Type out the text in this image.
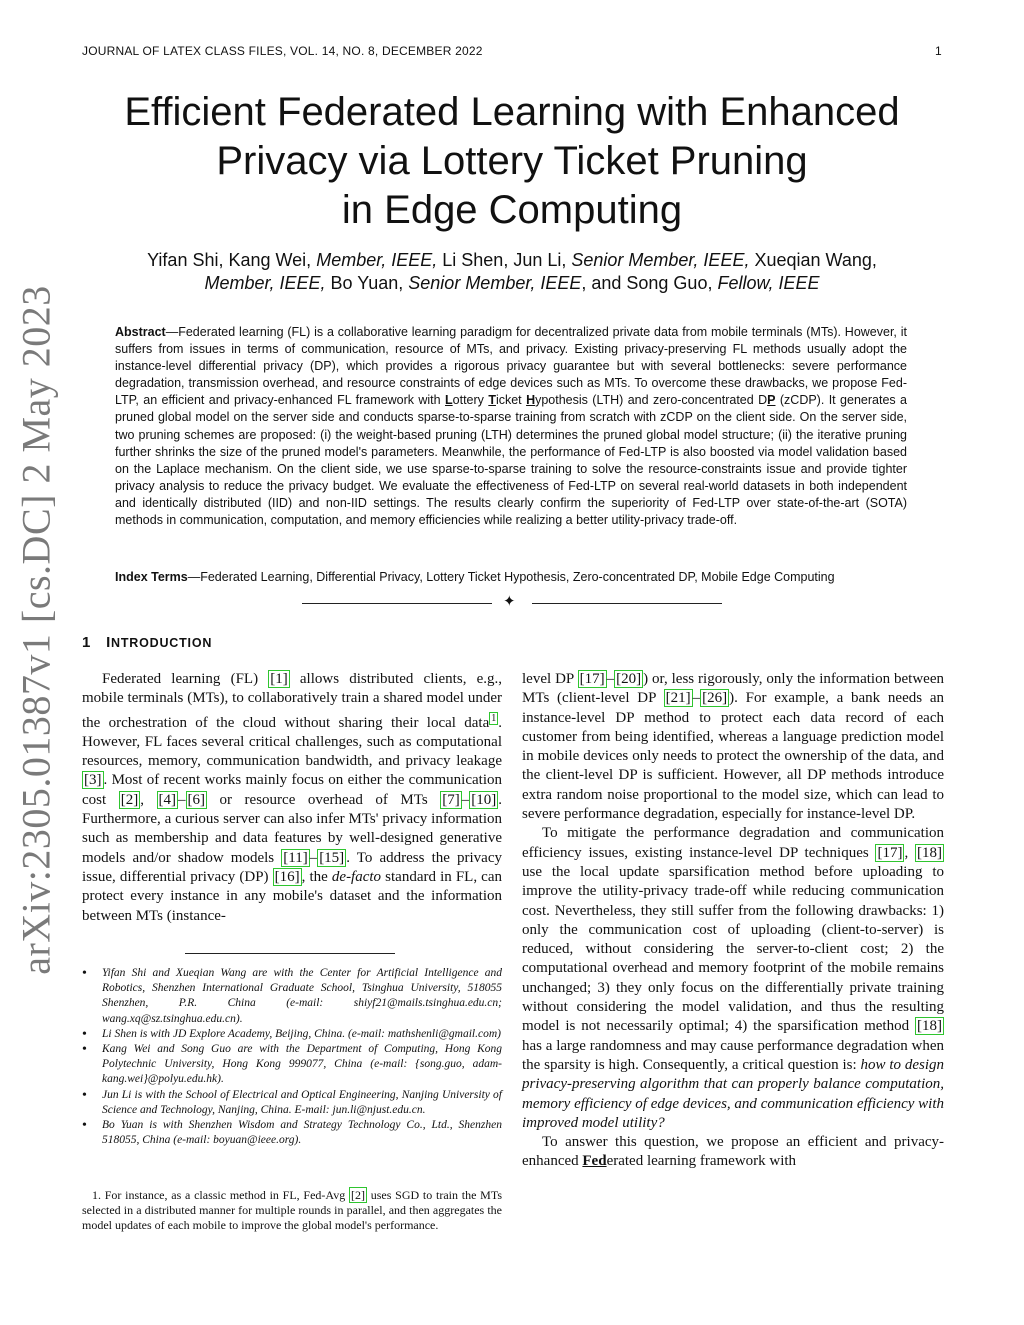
JOURNAL OF LATEX CLASS FILES, VOL. 14, NO. 8, DECEMBER 2022	1
arXiv:2305.01387v1 [cs.DC] 2 May 2023
Efficient Federated Learning with Enhanced
Privacy via Lottery Ticket Pruning
in Edge Computing
Yifan Shi, Kang Wei, Member, IEEE, Li Shen, Jun Li, Senior Member, IEEE, Xueqian Wang,
Member, IEEE, Bo Yuan, Senior Member, IEEE, and Song Guo, Fellow, IEEE
Abstract—Federated learning (FL) is a collaborative learning paradigm for decentralized private data from mobile terminals (MTs). However, it suffers from issues in terms of communication, resource of MTs, and privacy. Existing privacy-preserving FL methods usually adopt the instance-level differential privacy (DP), which provides a rigorous privacy guarantee but with several bottlenecks: severe performance degradation, transmission overhead, and resource constraints of edge devices such as MTs. To overcome these drawbacks, we propose Fed-LTP, an efficient and privacy-enhanced FL framework with Lottery Ticket Hypothesis (LTH) and zero-concentrated DP (zCDP). It generates a pruned global model on the server side and conducts sparse-to-sparse training from scratch with zCDP on the client side. On the server side, two pruning schemes are proposed: (i) the weight-based pruning (LTH) determines the pruned global model structure; (ii) the iterative pruning further shrinks the size of the pruned model's parameters. Meanwhile, the performance of Fed-LTP is also boosted via model validation based on the Laplace mechanism. On the client side, we use sparse-to-sparse training to solve the resource-constraints issue and provide tighter privacy analysis to reduce the privacy budget. We evaluate the effectiveness of Fed-LTP on several real-world datasets in both independent and identically distributed (IID) and non-IID settings. The results clearly confirm the superiority of Fed-LTP over state-of-the-art (SOTA) methods in communication, computation, and memory efficiencies while realizing a better utility-privacy trade-off.
Index Terms—Federated Learning, Differential Privacy, Lottery Ticket Hypothesis, Zero-concentrated DP, Mobile Edge Computing
✦
1 INTRODUCTION

Federated learning (FL) [1] allows distributed clients, e.g., mobile terminals (MTs), to collaboratively train a shared model under the orchestration of the cloud without sharing their local data $^1$ . However, FL faces several critical challenges, such as computational resources, memory, communication bandwidth, and privacy leakage [3] . Most of recent works mainly focus on either the communication cost [2] , [4] – [6] or resource overhead of MTs [7] – [10] . Furthermore, a curious server can also infer MTs' privacy information such as membership and data features by well-designed generative models and/or shadow models [11] – [15] . To address the privacy issue, differential privacy (DP) [16] , the de-facto standard in FL, can protect every instance in any mobile's dataset and the information between MTs (instance-

level DP [17] – [20] ) or, less rigorously, only the information between MTs (client-level DP [21] – [26] ). For example, a bank needs an instance-level DP method to protect each data record of each customer from being identified, whereas a language prediction model in mobile devices only needs to protect the ownership of the data, and the client-level DP is sufficient. However, all DP methods introduce extra random noise proportional to the model size, which can lead to severe performance degradation, especially for instance-level DP.

To mitigate the performance degradation and communication efficiency issues, existing instance-level DP techniques [17] , [18] use the local update sparsification method before uploading to improve the utility-privacy trade-off while reducing communication cost. Nevertheless, they still suffer from the following drawbacks: 1) only the communication cost of uploading (client-to-server) is reduced, without considering the server-to-client cost; 2) the computational overhead and memory footprint of the mobile remains unchanged; 3) they only focus on the differentially private training without considering the model validation, and thus the resulting model is not necessarily optimal; 4) the sparsification method [18] has a large randomness and may cause performance degradation when the sparsity is high. Consequently, a critical question is: how to design privacy-preserving algorithm that can properly balance computation, memory efficiency of edge devices, and communication efficiency with improved model utility?

To answer this question, we propose an efficient and privacy-enhanced Federated learning framework with

• Yifan Shi and Xueqian Wang are with the Center for Artificial Intelligence and Robotics, Shenzhen International Graduate School, Tsinghua University, 518055 Shenzhen, P.R. China (e-mail: shiyf21@mails.tsinghua.edu.cn; wang.xq@sz.tsinghua.edu.cn).
• Li Shen is with JD Explore Academy, Beijing, China. (e-mail: mathshenli@gmail.com)
• Kang Wei and Song Guo are with the Department of Computing, Hong Kong Polytechnic University, Hong Kong 999077, China (e-mail: {song.guo, adam-kang.wei}@polyu.edu.hk).
• Jun Li is with the School of Electrical and Optical Engineering, Nanjing University of Science and Technology, Nanjing, China. E-mail: jun.li@njust.edu.cn.
• Bo Yuan is with Shenzhen Wisdom and Strategy Technology Co., Ltd., Shenzhen 518055, China (e-mail: boyuan@ieee.org).
1. For instance, as a classic method in FL, Fed-Avg [2] uses SGD to train the MTs selected in a distributed manner for multiple rounds in parallel, and then aggregates the model updates of each mobile to improve the global model's performance.
